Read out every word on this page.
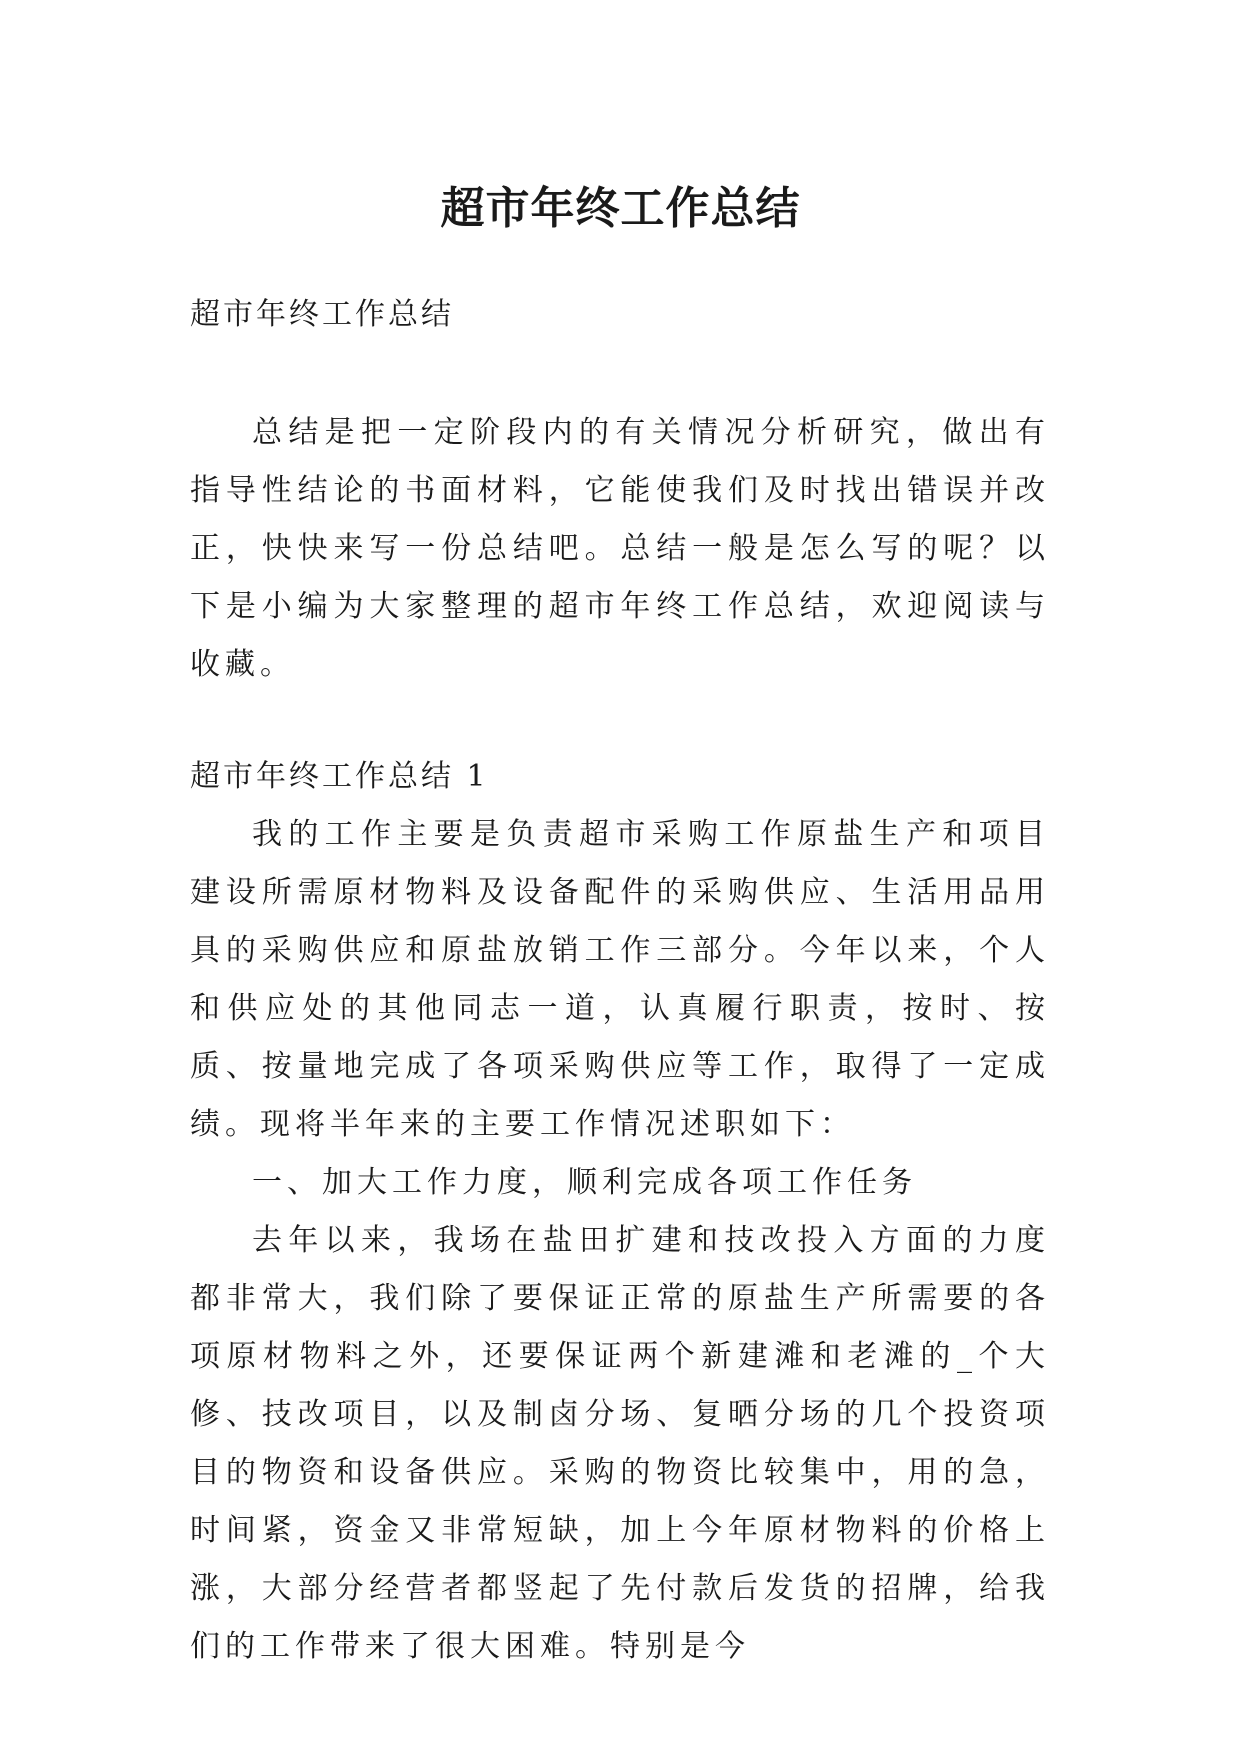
超市年终工作总结

超市年终工作总结

总结是把一定阶段内的有关情况分析研究，做出有指导性结论的书面材料，它能使我们及时找出错误并改正，快快来写一份总结吧。总结一般是怎么写的呢？以下是小编为大家整理的超市年终工作总结，欢迎阅读与收藏。

超市年终工作总结 1

我的工作主要是负责超市采购工作原盐生产和项目建设所需原材物料及设备配件的采购供应、生活用品用具的采购供应和原盐放销工作三部分。今年以来，个人和供应处的其他同志一道，认真履行职责，按时、按质、按量地完成了各项采购供应等工作，取得了一定成绩。现将半年来的主要工作情况述职如下：

一、加大工作力度，顺利完成各项工作任务

去年以来，我场在盐田扩建和技改投入方面的力度都非常大，我们除了要保证正常的原盐生产所需要的各项原材物料之外，还要保证两个新建滩和老滩的_个大修、技改项目，以及制卤分场、复晒分场的几个投资项目的物资和设备供应。采购的物资比较集中，用的急，时间紧，资金又非常短缺，加上今年原材物料的价格上涨，大部分经营者都竖起了先付款后发货的招牌，给我们的工作带来了很大困难。特别是今
